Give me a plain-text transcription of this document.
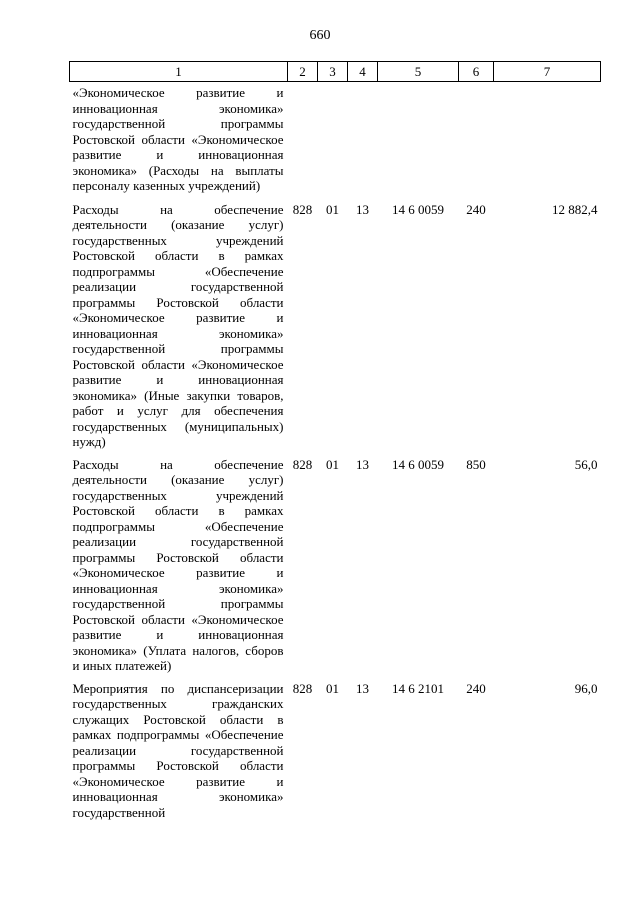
660
1	2	3	4	5	6	7
«Экономическое развитие и инновационная экономика» государственной программы Ростовской области «Экономическое развитие и инновационная экономика» (Расходы на выплаты персоналу казенных учреждений)						
Расходы на обеспечение деятельности (оказание услуг) государственных учреждений Ростовской области в рамках подпрограммы «Обеспечение реализации государственной программы Ростовской области «Экономическое развитие и инновационная экономика» государственной программы Ростовской области «Экономическое развитие и инновационная экономика» (Иные закупки товаров, работ и услуг для обеспечения государственных (муниципальных) нужд)	828	01	13	14 6 0059	240	12 882,4
Расходы на обеспечение деятельности (оказание услуг) государственных учреждений Ростовской области в рамках подпрограммы «Обеспечение реализации государственной программы Ростовской области «Экономическое развитие и инновационная экономика» государственной программы Ростовской области «Экономическое развитие и инновационная экономика» (Уплата налогов, сборов и иных платежей)	828	01	13	14 6 0059	850	56,0
Мероприятия по диспансеризации государственных гражданских служащих Ростовской области в рамках подпрограммы «Обеспечение реализации государственной программы Ростовской области «Экономическое развитие и инновационная экономика» государственной	828	01	13	14 6 2101	240	96,0
